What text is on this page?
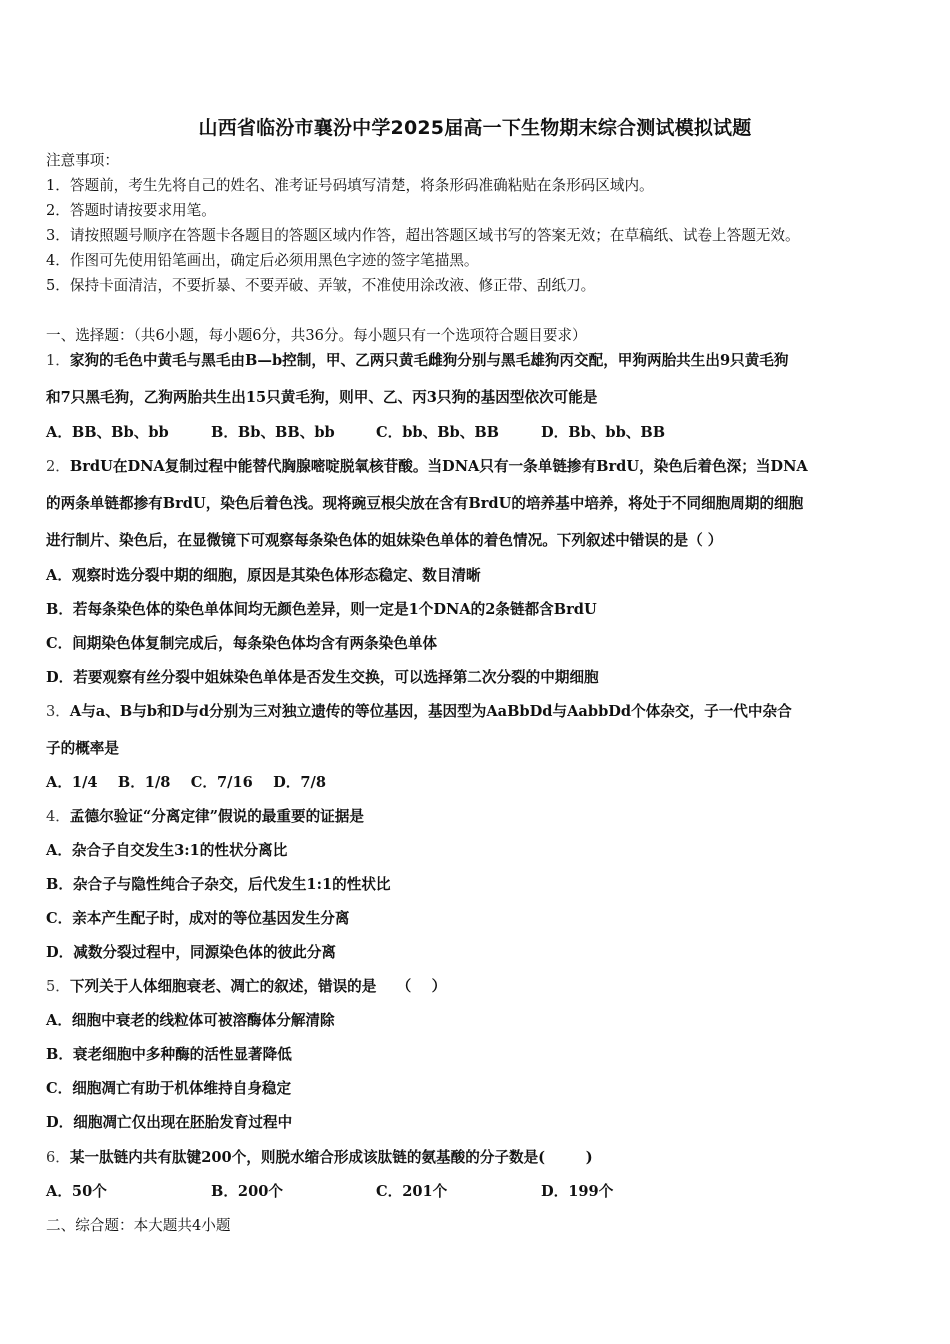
山西省临汾市襄汾中学2025届高一下生物期末综合测试模拟试题
注意事项：
1．答题前，考生先将自己的姓名、准考证号码填写清楚，将条形码准确粘贴在条形码区域内。
2．答题时请按要求用笔。
3．请按照题号顺序在答题卡各题目的答题区域内作答，超出答题区域书写的答案无效；在草稿纸、试卷上答题无效。
4．作图可先使用铅笔画出，确定后必须用黑色字迹的签字笔描黑。
5．保持卡面清洁，不要折暴、不要弄破、弄皱，不准使用涂改液、修正带、刮纸刀。
一、选择题：（共6小题，每小题6分，共36分。每小题只有一个选项符合题目要求）
1．家狗的毛色中黄毛与黑毛由B—b控制，甲、乙两只黄毛雌狗分别与黑毛雄狗丙交配，甲狗两胎共生出9只黄毛狗
和7只黑毛狗，乙狗两胎共生出15只黄毛狗，则甲、乙、丙3只狗的基因型依次可能是
A．BB、Bb、bb	B．Bb、BB、bb	C．bb、Bb、BB	D．Bb、bb、BB
2．BrdU在DNA复制过程中能替代胸腺嘧啶脱氧核苷酸。当DNA只有一条单链掺有BrdU，染色后着色深；当DNA
的两条单链都掺有BrdU，染色后着色浅。现将豌豆根尖放在含有BrdU的培养基中培养，将处于不同细胞周期的细胞
进行制片、染色后，在显微镜下可观察每条染色体的姐妹染色单体的着色情况。下列叙述中错误的是（ ）
A．观察时选分裂中期的细胞，原因是其染色体形态稳定、数目清晰
B．若每条染色体的染色单体间均无颜色差异，则一定是1个DNA的2条链都含BrdU
C．间期染色体复制完成后，每条染色体均含有两条染色单体
D．若要观察有丝分裂中姐妹染色单体是否发生交换，可以选择第二次分裂的中期细胞
3．A与a、B与b和D与d分别为三对独立遗传的等位基因，基因型为AaBbDd与AabbDd个体杂交，子一代中杂合
子的概率是
A．1/4    B．1/8    C．7/16    D．7/8
4．孟德尔验证“分离定律”假说的最重要的证据是
A．杂合子自交发生3:1的性状分离比
B．杂合子与隐性纯合子杂交，后代发生1:1的性状比
C．亲本产生配子时，成对的等位基因发生分离
D．减数分裂过程中，同源染色体的彼此分离
5．下列关于人体细胞衰老、凋亡的叙述，错误的是    （    ）
A．细胞中衰老的线粒体可被溶酶体分解清除
B．衰老细胞中多种酶的活性显著降低
C．细胞凋亡有助于机体维持自身稳定
D．细胞凋亡仅出现在胚胎发育过程中
6．某一肽链内共有肽键200个，则脱水缩合形成该肽链的氨基酸的分子数是(        )
A．50个	B．200个	C．201个	D．199个
二、综合题：本大题共4小题
